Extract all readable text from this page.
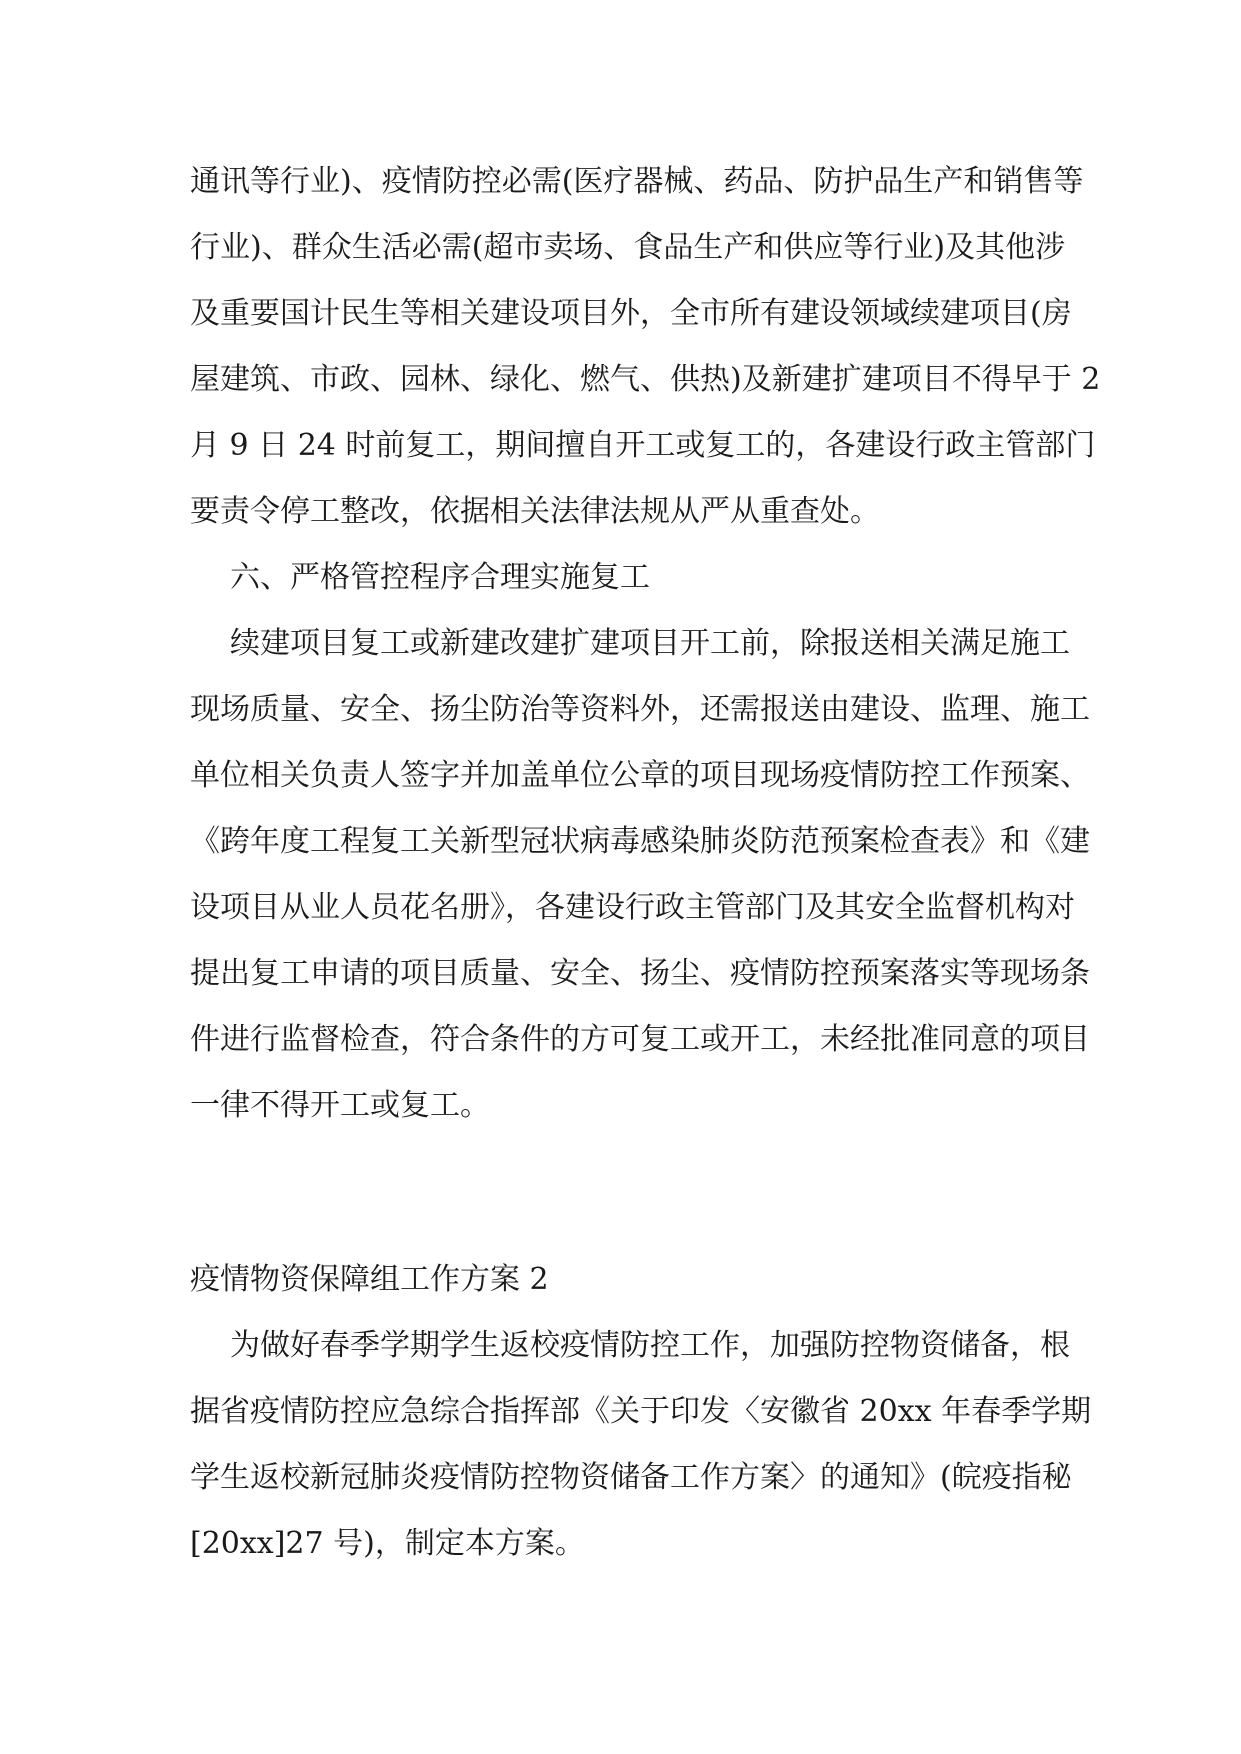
通讯等行业)、疫情防控必需(医疗器械、药品、防护品生产和销售等
行业)、群众生活必需(超市卖场、食品生产和供应等行业)及其他涉
及重要国计民生等相关建设项目外，全市所有建设领域续建项目(房
屋建筑、市政、园林、绿化、燃气、供热)及新建扩建项目不得早于 2
月 9 日 24 时前复工，期间擅自开工或复工的，各建设行政主管部门
要责令停工整改，依据相关法律法规从严从重查处。
六、严格管控程序合理实施复工
续建项目复工或新建改建扩建项目开工前，除报送相关满足施工
现场质量、安全、扬尘防治等资料外，还需报送由建设、监理、施工
单位相关负责人签字并加盖单位公章的项目现场疫情防控工作预案、
《跨年度工程复工关新型冠状病毒感染肺炎防范预案检查表》和《建
设项目从业人员花名册》，各建设行政主管部门及其安全监督机构对
提出复工申请的项目质量、安全、扬尘、疫情防控预案落实等现场条
件进行监督检查，符合条件的方可复工或开工，未经批准同意的项目
一律不得开工或复工。
疫情物资保障组工作方案 2
为做好春季学期学生返校疫情防控工作，加强防控物资储备，根
据省疫情防控应急综合指挥部《关于印发〈安徽省 20xx 年春季学期
学生返校新冠肺炎疫情防控物资储备工作方案〉的通知》(皖疫指秘
[20xx]27 号)，制定本方案。
